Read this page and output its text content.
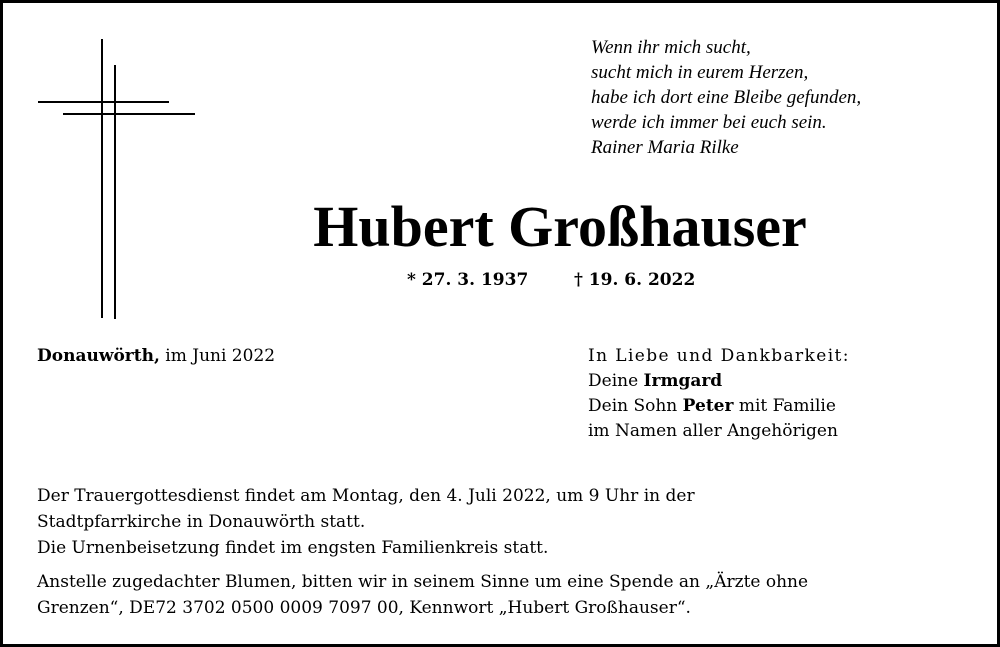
Wenn ihr mich sucht,
sucht mich in eurem Herzen,
habe ich dort eine Bleibe gefunden,
werde ich immer bei euch sein.
Rainer Maria Rilke
Hubert Großhauser
* 27. 3. 1937	† 19. 6. 2022
Donauwörth, im Juni 2022	In Liebe und Dankbarkeit:
Deine Irmgard
Dein Sohn Peter mit Familie
im Namen aller Angehörigen
Der Trauergottesdienst findet am Montag, den 4. Juli 2022, um 9 Uhr in der
Stadtpfarrkirche in Donauwörth statt.
Die Urnenbeisetzung findet im engsten Familienkreis statt.
Anstelle zugedachter Blumen, bitten wir in seinem Sinne um eine Spende an „Ärzte ohne
Grenzen“, DE72 3702 0500 0009 7097 00, Kennwort „Hubert Großhauser“.
